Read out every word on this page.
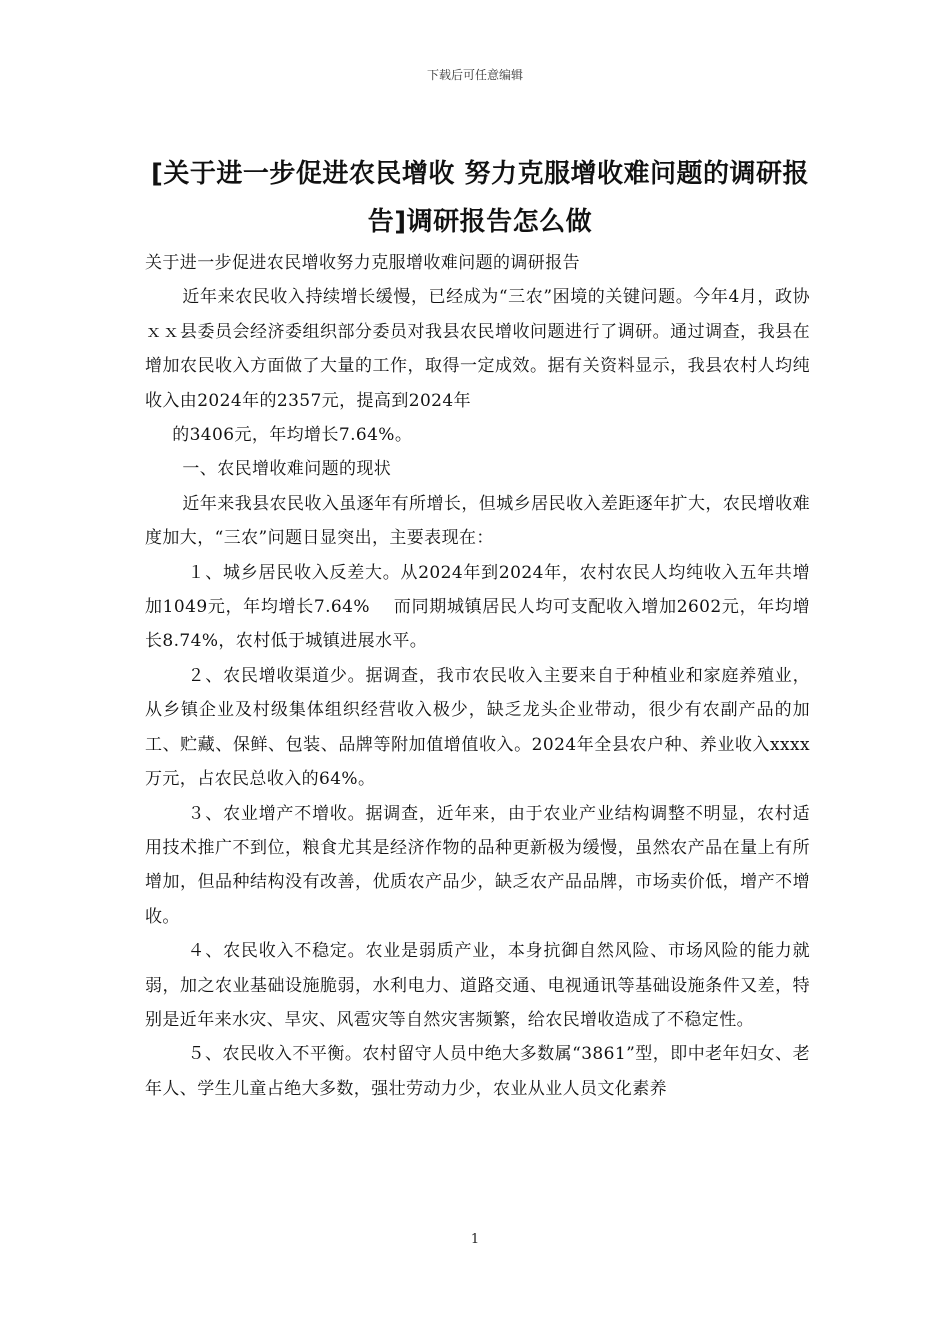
下载后可任意编辑
[关于进一步促进农民增收 努力克服增收难问题的调研报告]调研报告怎么做

关于进一步促进农民增收努力克服增收难问题的调研报告

近年来农民收入持续增长缓慢，已经成为“三农”困境的关键问题。今年4月，政协ｘｘ县委员会经济委组织部分委员对我县农民增收问题进行了调研。通过调查，我县在增加农民收入方面做了大量的工作，取得一定成效。据有关资料显示，我县农村人均纯收入由2024年的2357元，提高到2024年

的3406元，年均增长7.64%。

一、农民增收难问题的现状

近年来我县农民收入虽逐年有所增长，但城乡居民收入差距逐年扩大，农民增收难度加大，“三农”问题日显突出，主要表现在：

１、城乡居民收入反差大。从2024年到2024年，农村农民人均纯收入五年共增加1049元，年均增长7.64%　 而同期城镇居民人均可支配收入增加2602元，年均增长8.74%，农村低于城镇进展水平。

２、农民增收渠道少。据调查，我市农民收入主要来自于种植业和家庭养殖业，从乡镇企业及村级集体组织经营收入极少，缺乏龙头企业带动，很少有农副产品的加工、贮藏、保鲜、包装、品牌等附加值增值收入。2024年全县农户种、养业收入xxxx万元，占农民总收入的64%。

３、农业增产不增收。据调查，近年来，由于农业产业结构调整不明显，农村适用技术推广不到位，粮食尤其是经济作物的品种更新极为缓慢，虽然农产品在量上有所增加，但品种结构没有改善，优质农产品少，缺乏农产品品牌，市场卖价低，增产不增收。

４、农民收入不稳定。农业是弱质产业，本身抗御自然风险、市场风险的能力就弱，加之农业基础设施脆弱，水利电力、道路交通、电视通讯等基础设施条件又差，特别是近年来水灾、旱灾、风雹灾等自然灾害频繁，给农民增收造成了不稳定性。

５、农民收入不平衡。农村留守人员中绝大多数属“3861”型，即中老年妇女、老年人、学生儿童占绝大多数，强壮劳动力少，农业从业人员文化素养

1
